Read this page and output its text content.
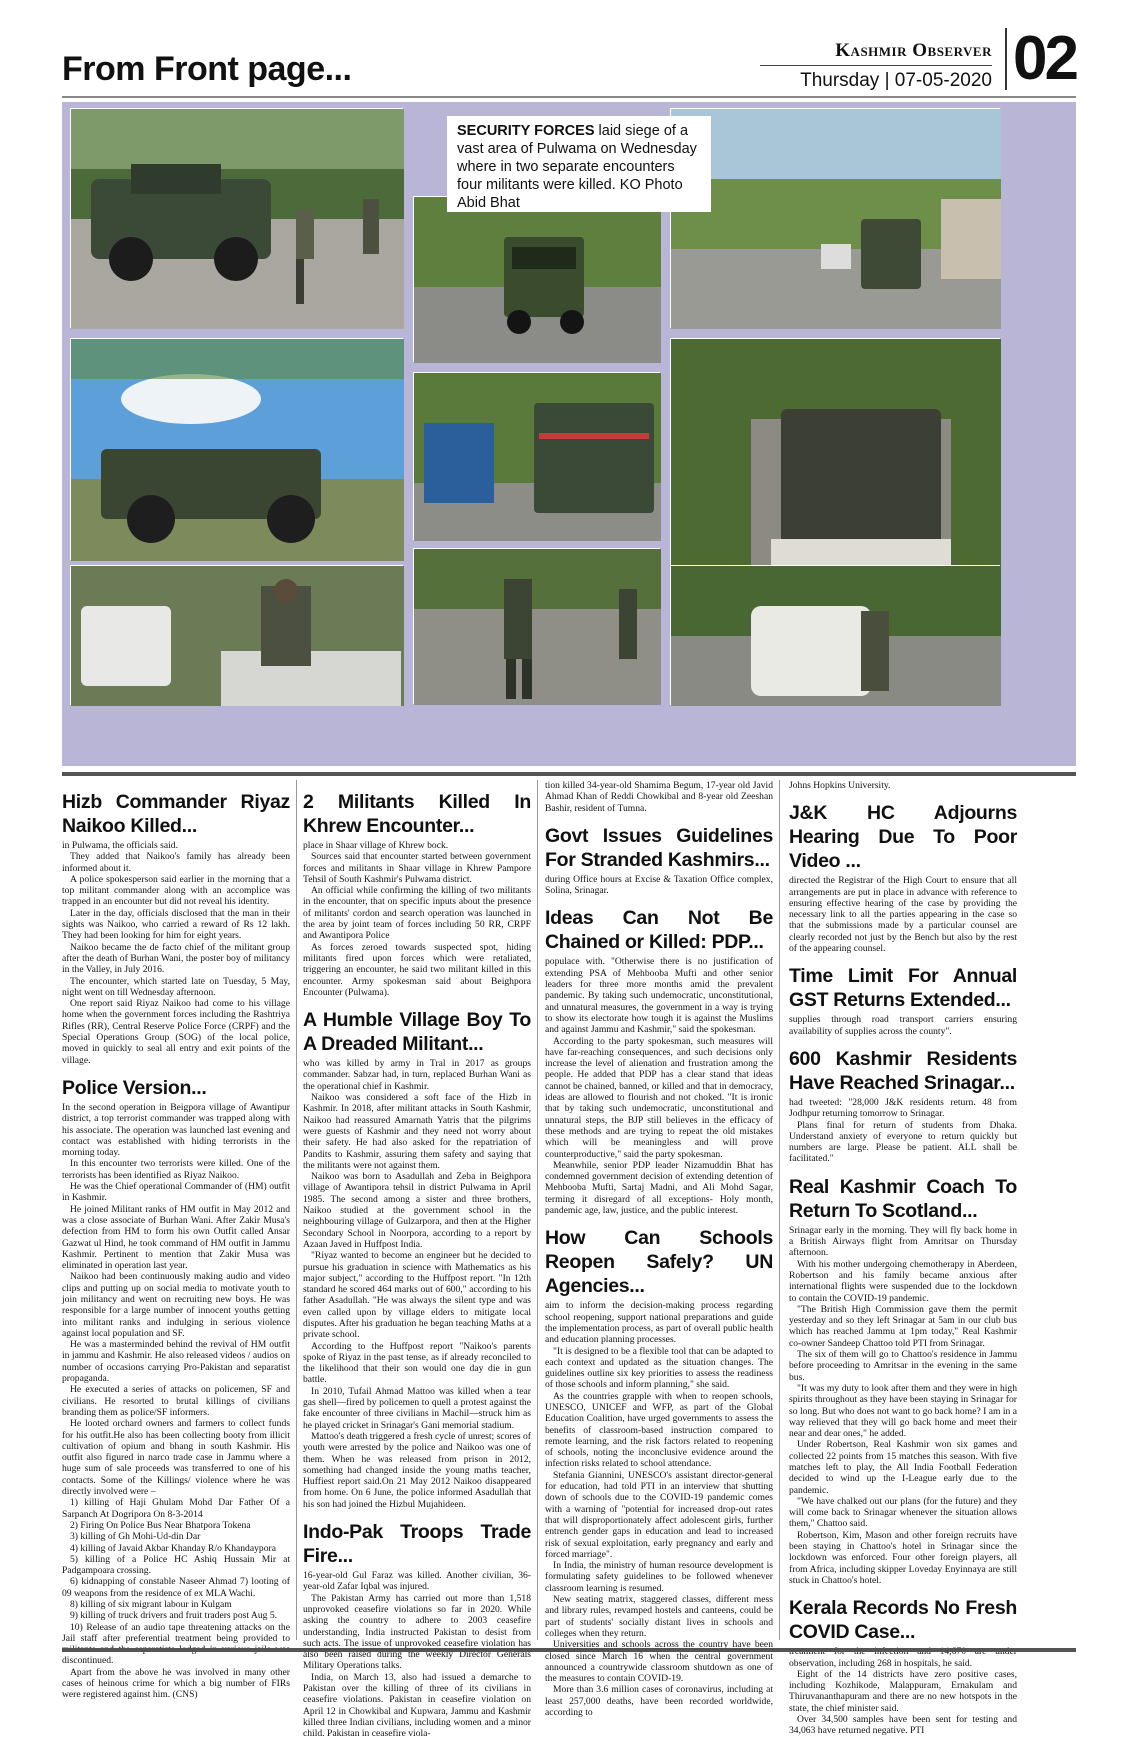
From Front page...	Kashmir Observer
Thursday | 07-05-2020 02
SECURITY FORCES laid siege of a vast area of Pulwama on Wednesday where in two separate encounters four militants were killed. KO Photo Abid Bhat
Hizb Commander Riyaz Naikoo Killed...

in Pulwama, the officials said.

They added that Naikoo's family has already been informed about it.

A police spokesperson said earlier in the morning that a top militant commander along with an accomplice was trapped in an encounter but did not reveal his identity.

Later in the day, officials disclosed that the man in their sights was Naikoo, who carried a reward of Rs 12 lakh. They had been looking for him for eight years.

Naikoo became the de facto chief of the militant group after the death of Burhan Wani, the poster boy of militancy in the Valley, in July 2016.

The encounter, which started late on Tuesday, 5 May, night went on till Wednesday afternoon.

One report said Riyaz Naikoo had come to his village home when the government forces including the Rashtriya Rifles (RR), Central Reserve Police Force (CRPF) and the Special Operations Group (SOG) of the local police, moved in quickly to seal all entry and exit points of the village.

Police Version...

In the second operation in Beigpora village of Awantipur district, a top terrorist commander was trapped along with his associate. The operation was launched last evening and contact was established with hiding terrorists in the morning today.

In this encounter two terrorists were killed. One of the terrorists has been identified as Riyaz Naikoo.

He was the Chief operational Commander of (HM) outfit in Kashmir.

He joined Militant ranks of HM outfit in May 2012 and was a close associate of Burhan Wani. After Zakir Musa's defection from HM to form his own Outfit called Ansar Gazwat ul Hind, he took command of HM outfit in Jammu Kashmir. Pertinent to mention that Zakir Musa was eliminated in operation last year.

Naikoo had been continuously making audio and video clips and putting up on social media to motivate youth to join militancy and went on recruiting new boys. He was responsible for a large number of innocent youths getting into militant ranks and indulging in serious violence against local population and SF.

He was a masterminded behind the revival of HM outfit in jammu and Kashmir. He also released videos / audios on number of occasions carrying Pro-Pakistan and separatist propaganda.

He executed a series of attacks on policemen, SF and civilians. He resorted to brutal killings of civilians branding them as police/SF informers.

He looted orchard owners and farmers to collect funds for his outfit.He also has been collecting booty from illicit cultivation of opium and bhang in south Kashmir. His outfit also figured in narco trade case in Jammu where a huge sum of sale proceeds was transferred to one of his contacts. Some of the Killings/ violence where he was directly involved were –

1) killing of Haji Ghulam Mohd Dar Father Of a Sarpanch At Dogripora On 8-3-2014

2) Firing On Police Bus Near Bhatpora Tokena

3) killing of Gh Mohi-Ud-din Dar

4) killing of Javaid Akbar Khanday R/o Khandaypora

5) killing of a Police HC Ashiq Hussain Mir at Padgampoara crossing.

6) kidnapping of constable Naseer Ahmad 7) looting of 09 weapons from the residence of ex MLA Wachi.

8) killing of six migrant labour in Kulgam

9) killing of truck drivers and fruit traders post Aug 5.

10) Release of an audio tape threatening attacks on the Jail staff after preferential treatment being provided to militants and the separatists lodged in various jails was discontinued.

Apart from the above he was involved in many other cases of heinous crime for which a big number of FIRs were registered against him. (CNS)

2 Militants Killed In Khrew Encounter...

place in Shaar village of Khrew bock.

Sources said that encounter started between government forces and militants in Shaar village in Khrew Pampore Tehsil of South Kashmir's Pulwama district.

An official while confirming the killing of two militants in the encounter, that on specific inputs about the presence of militants' cordon and search operation was launched in the area by joint team of forces including 50 RR, CRPF and Awantipora Police

As forces zeroed towards suspected spot, hiding militants fired upon forces which were retaliated, triggering an encounter, he said two militant killed in this encounter. Army spokesman said about Beighpora Encounter (Pulwama).

A Humble Village Boy To A Dreaded Militant...

who was killed by army in Tral in 2017 as groups commander. Sabzar had, in turn, replaced Burhan Wani as the operational chief in Kashmir.

Naikoo was considered a soft face of the Hizb in Kashmir. In 2018, after militant attacks in South Kashmir, Naikoo had reassured Amarnath Yatris that the pilgrims were guests of Kashmir and they need not worry about their safety. He had also asked for the repatriation of Pandits to Kashmir, assuring them safety and saying that the militants were not against them.

Naikoo was born to Asadullah and Zeba in Beighpora village of Awantipora tehsil in district Pulwama in April 1985. The second among a sister and three brothers, Naikoo studied at the government school in the neighbouring village of Gulzarpora, and then at the Higher Secondary School in Noorpora, according to a report by Azaan Javed in Huffpost India.

"Riyaz wanted to become an engineer but he decided to pursue his graduation in science with Mathematics as his major subject," according to the Huffpost report. "In 12th standard he scored 464 marks out of 600," according to his father Asadullah. "He was always the silent type and was even called upon by village elders to mitigate local disputes. After his graduation he began teaching Maths at a private school.

According to the Huffpost report "Naikoo's parents spoke of Riyaz in the past tense, as if already reconciled to the likelihood that their son would one day die in gun battle.

In 2010, Tufail Ahmad Mattoo was killed when a tear gas shell—fired by policemen to quell a protest against the fake encounter of three civilians in Machil—struck him as he played cricket in Srinagar's Gani memorial stadium.

Mattoo's death triggered a fresh cycle of unrest; scores of youth were arrested by the police and Naikoo was one of them. When he was released from prison in 2012, something had changed inside the young maths teacher, Huffiest report said.On 21 May 2012 Naikoo disappeared from home. On 6 June, the police informed Asadullah that his son had joined the Hizbul Mujahideen.

Indo-Pak Troops Trade Fire...

16-year-old Gul Faraz was killed. Another civilian, 36-year-old Zafar Iqbal was injured.

The Pakistan Army has carried out more than 1,518 unprovoked ceasefire violations so far in 2020. While asking the country to adhere to 2003 ceasefire understanding, India instructed Pakistan to desist from such acts. The issue of unprovoked ceasefire violation has also been raised during the weekly Director Generals Military Operations talks.

India, on March 13, also had issued a demarche to Pakistan over the killing of three of its civilians in ceasefire violations. Pakistan in ceasefire violation on April 12 in Chowkibal and Kupwara, Jammu and Kashmir killed three Indian civilians, including women and a minor child. Pakistan in ceasefire viola-

tion killed 34-year-old Shamima Begum, 17-year old Javid Ahmad Khan of Reddi Chowkibal and 8-year old Zeeshan Bashir, resident of Tumna.

Govt Issues Guidelines For Stranded Kashmirs...

during Office hours at Excise & Taxation Office complex, Solina, Srinagar.

Ideas Can Not Be Chained or Killed: PDP...

populace with. "Otherwise there is no justification of extending PSA of Mehbooba Mufti and other senior leaders for three more months amid the prevalent pandemic. By taking such undemocratic, unconstitutional, and unnatural measures, the government in a way is trying to show its electorate how tough it is against the Muslims and against Jammu and Kashmir," said the spokesman.

According to the party spokesman, such measures will have far-reaching consequences, and such decisions only increase the level of alienation and frustration among the people. He added that PDP has a clear stand that ideas cannot be chained, banned, or killed and that in democracy, ideas are allowed to flourish and not choked. "It is ironic that by taking such undemocratic, unconstitutional and unnatural steps, the BJP still believes in the efficacy of these methods and are trying to repeat the old mistakes which will be meaningless and will prove counterproductive," said the party spokesman.

Meanwhile, senior PDP leader Nizamuddin Bhat has condemned government decision of extending detention of Mehbooba Mufti, Sartaj Madni, and Ali Mohd Sagar, terming it disregard of all exceptions- Holy month, pandemic age, law, justice, and the public interest.

How Can Schools Reopen Safely? UN Agencies...

aim to inform the decision-making process regarding school reopening, support national preparations and guide the implementation process, as part of overall public health and education planning processes.

"It is designed to be a flexible tool that can be adapted to each context and updated as the situation changes. The guidelines outline six key priorities to assess the readiness of those schools and inform planning," she said.

As the countries grapple with when to reopen schools, UNESCO, UNICEF and WFP, as part of the Global Education Coalition, have urged governments to assess the benefits of classroom-based instruction compared to remote learning, and the risk factors related to reopening of schools, noting the inconclusive evidence around the infection risks related to school attendance.

Stefania Giannini, UNESCO's assistant director-general for education, had told PTI in an interview that shutting down of schools due to the COVID-19 pandemic comes with a warning of "potential for increased drop-out rates that will disproportionately affect adolescent girls, further entrench gender gaps in education and lead to increased risk of sexual exploitation, early pregnancy and early and forced marriage".

In India, the ministry of human resource development is formulating safety guidelines to be followed whenever classroom learning is resumed.

New seating matrix, staggered classes, different mess and library rules, revamped hostels and canteens, could be part of students' socially distant lives in schools and colleges when they return.

Universities and schools across the country have been closed since March 16 when the central government announced a countrywide classroom shutdown as one of the measures to contain COVID-19.

More than 3.6 million cases of coronavirus, including at least 257,000 deaths, have been recorded worldwide, according to

Johns Hopkins University.

J&K HC Adjourns Hearing Due To Poor Video ...

directed the Registrar of the High Court to ensure that all arrangements are put in place in advance with reference to ensuring effective hearing of the case by providing the necessary link to all the parties appearing in the case so that the submissions made by a particular counsel are clearly recorded not just by the Bench but also by the rest of the appearing counsel.

Time Limit For Annual GST Returns Extended...

supplies through road transport carriers ensuring availability of supplies across the county".

600 Kashmir Residents Have Reached Srinagar...

had tweeted: "28,000 J&K residents return. 48 from Jodhpur returning tomorrow to Srinagar.

Plans final for return of students from Dhaka. Understand anxiety of everyone to return quickly but numbers are large. Please be patient. ALL shall be facilitated."

Real Kashmir Coach To Return To Scotland...

Srinagar early in the morning. They will fly back home in a British Airways flight from Amritsar on Thursday afternoon.

With his mother undergoing chemotherapy in Aberdeen, Robertson and his family became anxious after international flights were suspended due to the lockdown to contain the COVID-19 pandemic.

"The British High Commission gave them the permit yesterday and so they left Srinagar at 5am in our club bus which has reached Jammu at 1pm today," Real Kashmir co-owner Sandeep Chattoo told PTI from Srinagar.

The six of them will go to Chattoo's residence in Jammu before proceeding to Amritsar in the evening in the same bus.

"It was my duty to look after them and they were in high spirits throughout as they have been staying in Srinagar for so long. But who does not want to go back home? I am in a way relieved that they will go back home and meet their near and dear ones," he added.

Under Robertson, Real Kashmir won six games and collected 22 points from 15 matches this season. With five matches left to play, the All India Football Federation decided to wind up the I-League early due to the pandemic.

"We have chalked out our plans (for the future) and they will come back to Srinagar whenever the situation allows them," Chattoo said.

Robertson, Kim, Mason and other foreign recruits have been staying in Chattoo's hotel in Srinagar since the lockdown was enforced. Four other foreign players, all from Africa, including skipper Loveday Enyinnaya are still stuck in Chattoo's hotel.

Kerala Records No Fresh COVID Case...

treatment for the infection and 14,670 are under observation, including 268 in hospitals, he said.

Eight of the 14 districts have zero positive cases, including Kozhikode, Malappuram, Ernakulam and Thiruvananthapuram and there are no new hotspots in the state, the chief minister said.

Over 34,500 samples have been sent for testing and 34,063 have returned negative. PTI
